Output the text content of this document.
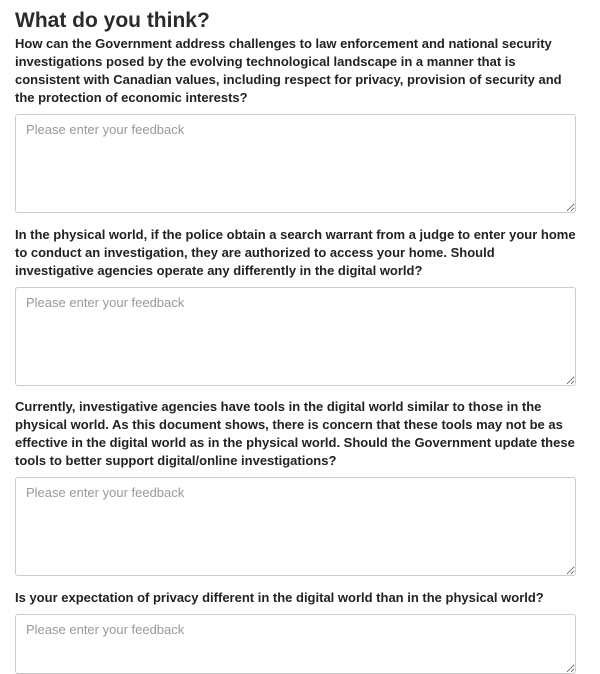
What do you think?
How can the Government address challenges to law enforcement and national security investigations posed by the evolving technological landscape in a manner that is consistent with Canadian values, including respect for privacy, provision of security and the protection of economic interests?
Please enter your feedback
In the physical world, if the police obtain a search warrant from a judge to enter your home to conduct an investigation, they are authorized to access your home. Should investigative agencies operate any differently in the digital world?
Please enter your feedback
Currently, investigative agencies have tools in the digital world similar to those in the physical world. As this document shows, there is concern that these tools may not be as effective in the digital world as in the physical world. Should the Government update these tools to better support digital/online investigations?
Please enter your feedback
Is your expectation of privacy different in the digital world than in the physical world?
Please enter your feedback
